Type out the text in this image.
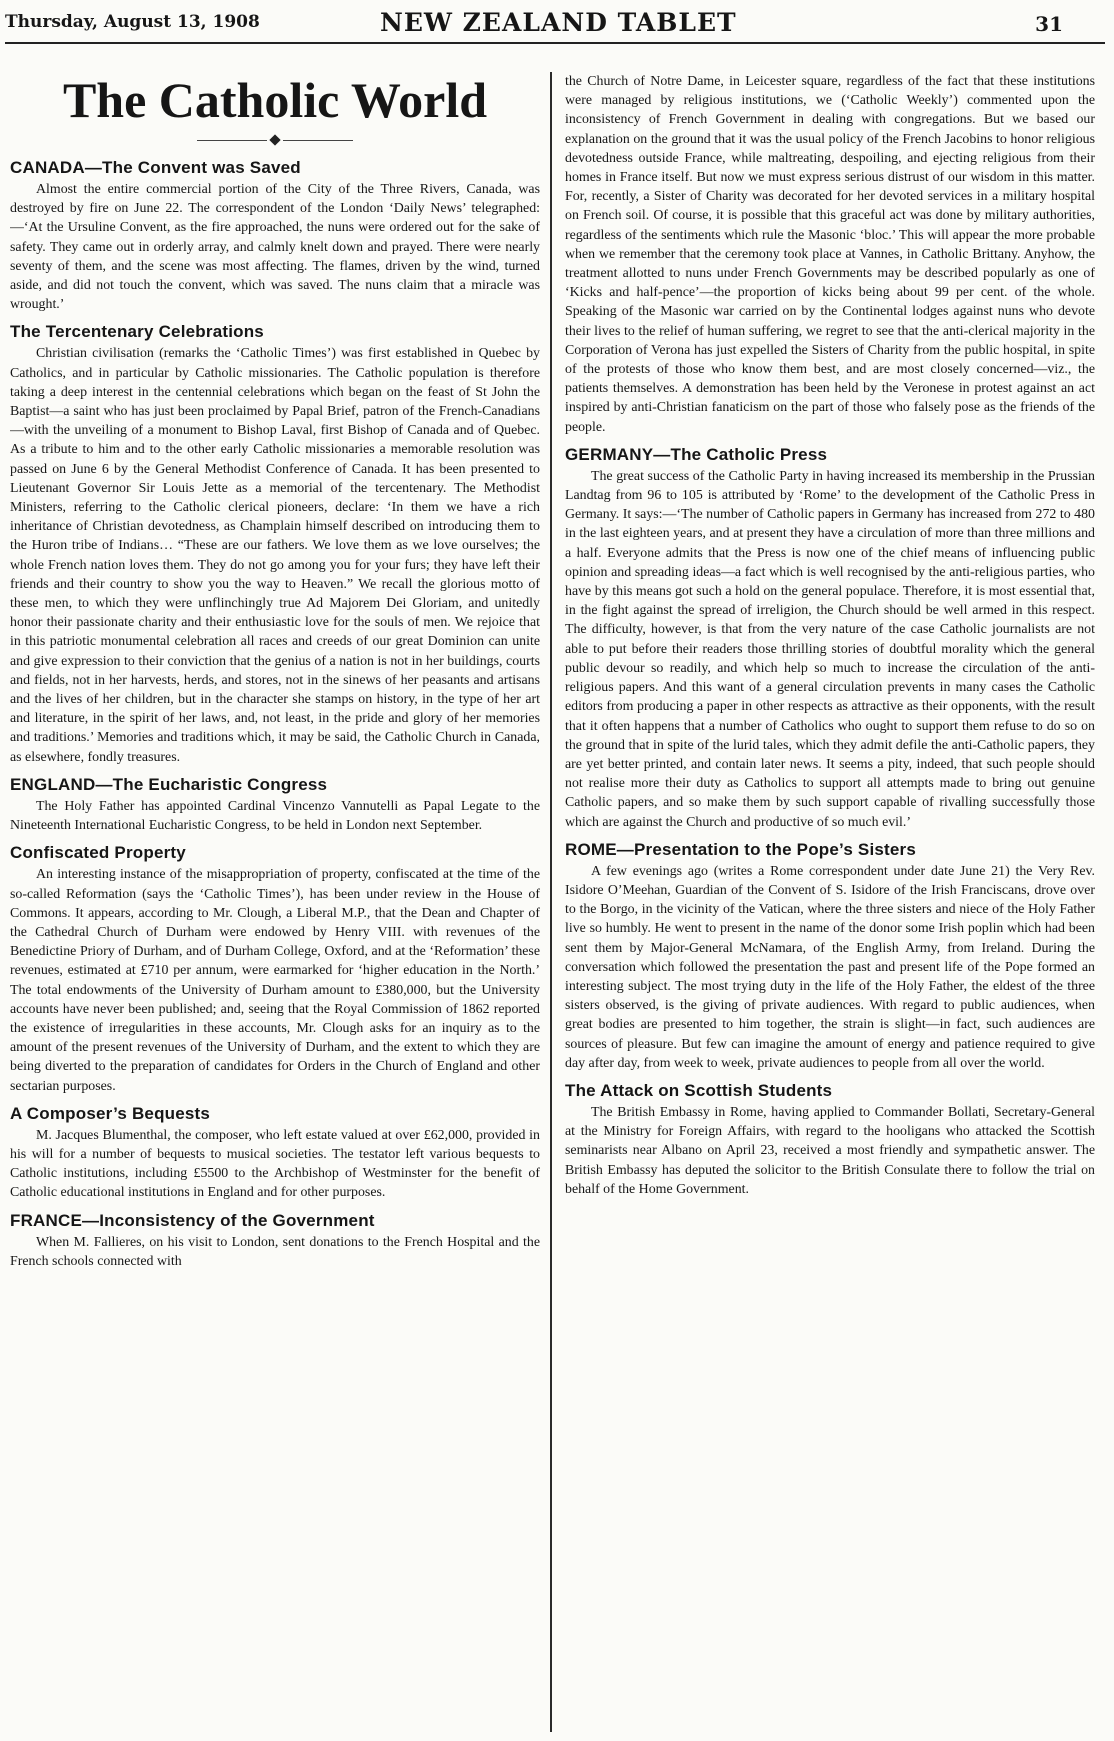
Thursday, August 13, 1908	NEW ZEALAND TABLET	31
The Catholic World
CANADA—The Convent was Saved

Almost the entire commercial portion of the City of the Three Rivers, Canada, was destroyed by fire on June 22. The correspondent of the London ‘Daily News’ telegraphed:—‘At the Ursuline Convent, as the fire approached, the nuns were ordered out for the sake of safety. They came out in orderly array, and calmly knelt down and prayed. There were nearly seventy of them, and the scene was most affecting. The flames, driven by the wind, turned aside, and did not touch the convent, which was saved. The nuns claim that a miracle was wrought.’

The Tercentenary Celebrations

Christian civilisation (remarks the ‘Catholic Times’) was first established in Quebec by Catholics, and in particular by Catholic missionaries. The Catholic population is therefore taking a deep interest in the centennial celebrations which began on the feast of St John the Baptist—a saint who has just been proclaimed by Papal Brief, patron of the French-Canadians—with the unveiling of a monument to Bishop Laval, first Bishop of Canada and of Quebec. As a tribute to him and to the other early Catholic missionaries a memorable resolution was passed on June 6 by the General Methodist Conference of Canada. It has been presented to Lieutenant Governor Sir Louis Jette as a memorial of the tercentenary. The Methodist Ministers, referring to the Catholic clerical pioneers, declare: ‘In them we have a rich inheritance of Christian devotedness, as Champlain himself described on introducing them to the Huron tribe of Indians… “These are our fathers. We love them as we love ourselves; the whole French nation loves them. They do not go among you for your furs; they have left their friends and their country to show you the way to Heaven.” We recall the glorious motto of these men, to which they were unflinchingly true Ad Majorem Dei Gloriam, and unitedly honor their passionate charity and their enthusiastic love for the souls of men. We rejoice that in this patriotic monumental celebration all races and creeds of our great Dominion can unite and give expression to their conviction that the genius of a nation is not in her buildings, courts and fields, not in her harvests, herds, and stores, not in the sinews of her peasants and artisans and the lives of her children, but in the character she stamps on history, in the type of her art and literature, in the spirit of her laws, and, not least, in the pride and glory of her memories and traditions.’ Memories and traditions which, it may be said, the Catholic Church in Canada, as elsewhere, fondly treasures.

ENGLAND—The Eucharistic Congress

The Holy Father has appointed Cardinal Vincenzo Vannutelli as Papal Legate to the Nineteenth International Eucharistic Congress, to be held in London next September.

Confiscated Property

An interesting instance of the misappropriation of property, confiscated at the time of the so-called Reformation (says the ‘Catholic Times’), has been under review in the House of Commons. It appears, according to Mr. Clough, a Liberal M.P., that the Dean and Chapter of the Cathedral Church of Durham were endowed by Henry VIII. with revenues of the Benedictine Priory of Durham, and of Durham College, Oxford, and at the ‘Reformation’ these revenues, estimated at £710 per annum, were earmarked for ‘higher education in the North.’ The total endowments of the University of Durham amount to £380,000, but the University accounts have never been published; and, seeing that the Royal Commission of 1862 reported the existence of irregularities in these accounts, Mr. Clough asks for an inquiry as to the amount of the present revenues of the University of Durham, and the extent to which they are being diverted to the preparation of candidates for Orders in the Church of England and other sectarian purposes.

A Composer’s Bequests

M. Jacques Blumenthal, the composer, who left estate valued at over £62,000, provided in his will for a number of bequests to musical societies. The testator left various bequests to Catholic institutions, including £5500 to the Archbishop of Westminster for the benefit of Catholic educational institutions in England and for other purposes.

FRANCE—Inconsistency of the Government

When M. Fallieres, on his visit to London, sent donations to the French Hospital and the French schools connected with

the Church of Notre Dame, in Leicester square, regardless of the fact that these institutions were managed by religious institutions, we (‘Catholic Weekly’) commented upon the inconsistency of French Government in dealing with congregations. But we based our explanation on the ground that it was the usual policy of the French Jacobins to honor religious devotedness outside France, while maltreating, despoiling, and ejecting religious from their homes in France itself. But now we must express serious distrust of our wisdom in this matter. For, recently, a Sister of Charity was decorated for her devoted services in a military hospital on French soil. Of course, it is possible that this graceful act was done by military authorities, regardless of the sentiments which rule the Masonic ‘bloc.’ This will appear the more probable when we remember that the ceremony took place at Vannes, in Catholic Brittany. Anyhow, the treatment allotted to nuns under French Governments may be described popularly as one of ‘Kicks and half-pence’—the proportion of kicks being about 99 per cent. of the whole. Speaking of the Masonic war carried on by the Continental lodges against nuns who devote their lives to the relief of human suffering, we regret to see that the anti-clerical majority in the Corporation of Verona has just expelled the Sisters of Charity from the public hospital, in spite of the protests of those who know them best, and are most closely concerned—viz., the patients themselves. A demonstration has been held by the Veronese in protest against an act inspired by anti-Christian fanaticism on the part of those who falsely pose as the friends of the people.

GERMANY—The Catholic Press

The great success of the Catholic Party in having increased its membership in the Prussian Landtag from 96 to 105 is attributed by ‘Rome’ to the development of the Catholic Press in Germany. It says:—‘The number of Catholic papers in Germany has increased from 272 to 480 in the last eighteen years, and at present they have a circulation of more than three millions and a half. Everyone admits that the Press is now one of the chief means of influencing public opinion and spreading ideas—a fact which is well recognised by the anti-religious parties, who have by this means got such a hold on the general populace. Therefore, it is most essential that, in the fight against the spread of irreligion, the Church should be well armed in this respect. The difficulty, however, is that from the very nature of the case Catholic journalists are not able to put before their readers those thrilling stories of doubtful morality which the general public devour so readily, and which help so much to increase the circulation of the anti-religious papers. And this want of a general circulation prevents in many cases the Catholic editors from producing a paper in other respects as attractive as their opponents, with the result that it often happens that a number of Catholics who ought to support them refuse to do so on the ground that in spite of the lurid tales, which they admit defile the anti-Catholic papers, they are yet better printed, and contain later news. It seems a pity, indeed, that such people should not realise more their duty as Catholics to support all attempts made to bring out genuine Catholic papers, and so make them by such support capable of rivalling successfully those which are against the Church and productive of so much evil.’

ROME—Presentation to the Pope’s Sisters

A few evenings ago (writes a Rome correspondent under date June 21) the Very Rev. Isidore O’Meehan, Guardian of the Convent of S. Isidore of the Irish Franciscans, drove over to the Borgo, in the vicinity of the Vatican, where the three sisters and niece of the Holy Father live so humbly. He went to present in the name of the donor some Irish poplin which had been sent them by Major-General McNamara, of the English Army, from Ireland. During the conversation which followed the presentation the past and present life of the Pope formed an interesting subject. The most trying duty in the life of the Holy Father, the eldest of the three sisters observed, is the giving of private audiences. With regard to public audiences, when great bodies are presented to him together, the strain is slight—in fact, such audiences are sources of pleasure. But few can imagine the amount of energy and patience required to give day after day, from week to week, private audiences to people from all over the world.

The Attack on Scottish Students

The British Embassy in Rome, having applied to Commander Bollati, Secretary-General at the Ministry for Foreign Affairs, with regard to the hooligans who attacked the Scottish seminarists near Albano on April 23, received a most friendly and sympathetic answer. The British Embassy has deputed the solicitor to the British Consulate there to follow the trial on behalf of the Home Government.
